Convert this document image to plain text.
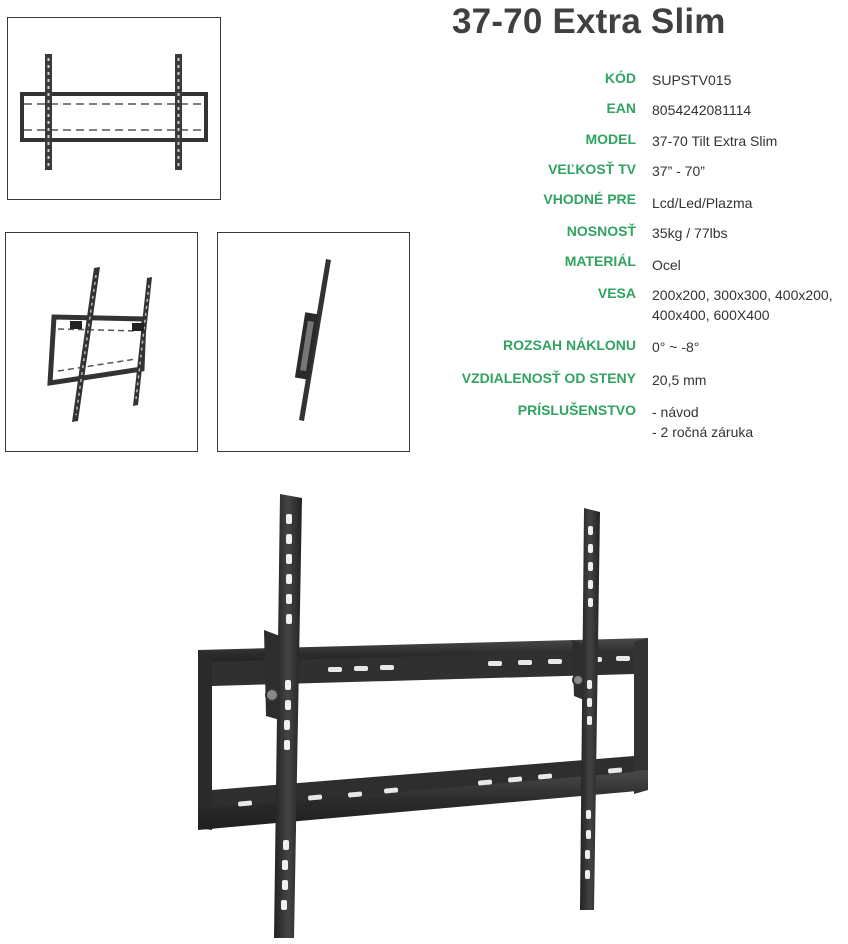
37-70 Extra Slim
KÓD SUPSTV015
EAN 8054242081114
MODEL 37-70 Tilt Extra Slim
VEĽKOSŤ TV 37” - 70”
VHODNÉ PRE Lcd/Led/Plazma
NOSNOSŤ 35kg / 77lbs
MATERIÁL Ocel
VESA 200x200, 300x300, 400x200,
400x400, 600X400
ROZSAH NÁKLONU 0° ~ -8°
VZDIALENOSŤ OD STENY 20,5 mm
PRÍSLUŠENSTVO - návod
- 2 ročná záruka
